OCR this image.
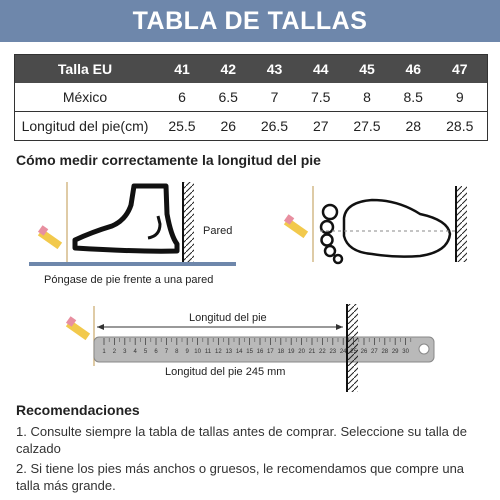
TABLA DE TALLAS
Talla EU	41	42	43	44	45	46	47
México	6	6.5	7	7.5	8	8.5	9
Longitud del pie(cm)	25.5	26	26.5	27	27.5	28	28.5
Cómo medir correctamente la longitud del pie
Pared
Póngase de pie frente a una pared
1 2 3 4 5 6 7 8 9 10 11 12 13 14 15 16 17 18 19 20 21 22 23 24 26 27 28 29 30
Longitud del pie
Longitud del pie 245 mm
Recomendaciones
1. Consulte siempre la tabla de tallas antes de comprar. Seleccione su talla de calzado
2. Si tiene los pies más anchos o gruesos, le recomendamos que compre una talla más grande.
